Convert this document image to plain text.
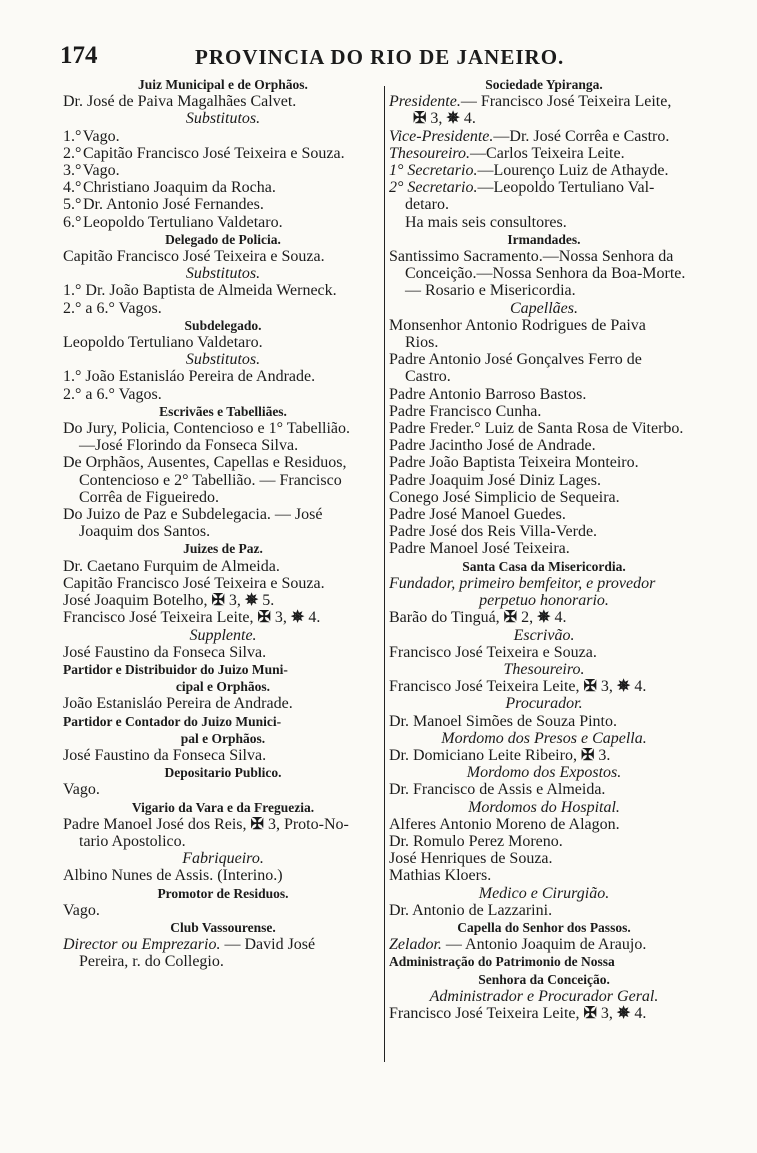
174	PROVINCIA DO RIO DE JANEIRO.
Juiz Municipal e de Orphãos.
Dr. José de Paiva Magalhães Calvet.
Substitutos.
1.° Vago.
2.° Capitão Francisco José Teixeira e Souza.
3.° Vago.
4.° Christiano Joaquim da Rocha.
5.° Dr. Antonio José Fernandes.
6.° Leopoldo Tertuliano Valdetaro.
Delegado de Policia.
Capitão Francisco José Teixeira e Souza.
Substitutos.
1.° Dr. João Baptista de Almeida Werneck.
2.° a 6.° Vagos.
Subdelegado.
Leopoldo Tertuliano Valdetaro.
Substitutos.
1.° João Estanisláo Pereira de Andrade.
2.° a 6.° Vagos.
Escrivães e Tabelliães.
Do Jury, Policia, Contencioso e 1° Tabellião.
—José Florindo da Fonseca Silva.
De Orphãos, Ausentes, Capellas e Residuos,
Contencioso e 2° Tabellião. — Francisco
Corrêa de Figueiredo.
Do Juizo de Paz e Subdelegacia. — José
Joaquim dos Santos.
Juizes de Paz.
Dr. Caetano Furquim de Almeida.
Capitão Francisco José Teixeira e Souza.
José Joaquim Botelho, ✠ 3, ✵ 5.
Francisco José Teixeira Leite, ✠ 3, ✵ 4.
Supplente.
José Faustino da Fonseca Silva.
Partidor e Distribuidor do Juizo Muni-
cipal e Orphãos.
João Estanisláo Pereira de Andrade.
Partidor e Contador do Juizo Munici-
pal e Orphãos.
José Faustino da Fonseca Silva.
Depositario Publico.
Vago.
Vigario da Vara e da Freguezia.
Padre Manoel José dos Reis, ✠ 3, Proto-No-
tario Apostolico.
Fabriqueiro.
Albino Nunes de Assis. (Interino.)
Promotor de Residuos.
Vago.
Club Vassourense.
Director ou Emprezario. — David José
Pereira, r. do Collegio.
Sociedade Ypiranga.
Presidente.— Francisco José Teixeira Leite,
✠ 3, ✵ 4.
Vice-Presidente.—Dr. José Corrêa e Castro.
Thesoureiro.—Carlos Teixeira Leite.
1° Secretario.—Lourenço Luiz de Athayde.
2° Secretario.—Leopoldo Tertuliano Val-
detaro.
Ha mais seis consultores.
Irmandades.
Santissimo Sacramento.—Nossa Senhora da
Conceição.—Nossa Senhora da Boa-Morte.
— Rosario e Misericordia.
Capellães.
Monsenhor Antonio Rodrigues de Paiva
Rios.
Padre Antonio José Gonçalves Ferro de
Castro.
Padre Antonio Barroso Bastos.
Padre Francisco Cunha.
Padre Freder.° Luiz de Santa Rosa de Viterbo.
Padre Jacintho José de Andrade.
Padre João Baptista Teixeira Monteiro.
Padre Joaquim José Diniz Lages.
Conego José Simplicio de Sequeira.
Padre José Manoel Guedes.
Padre José dos Reis Villa-Verde.
Padre Manoel José Teixeira.
Santa Casa da Misericordia.
Fundador, primeiro bemfeitor, e provedor
perpetuo honorario.
Barão do Tinguá, ✠ 2, ✵ 4.
Escrivão.
Francisco José Teixeira e Souza.
Thesoureiro.
Francisco José Teixeira Leite, ✠ 3, ✵ 4.
Procurador.
Dr. Manoel Simões de Souza Pinto.
Mordomo dos Presos e Capella.
Dr. Domiciano Leite Ribeiro, ✠ 3.
Mordomo dos Expostos.
Dr. Francisco de Assis e Almeida.
Mordomos do Hospital.
Alferes Antonio Moreno de Alagon.
Dr. Romulo Perez Moreno.
José Henriques de Souza.
Mathias Kloers.
Medico e Cirurgião.
Dr. Antonio de Lazzarini.
Capella do Senhor dos Passos.
Zelador. — Antonio Joaquim de Araujo.
Administração do Patrimonio de Nossa
Senhora da Conceição.
Administrador e Procurador Geral.
Francisco José Teixeira Leite, ✠ 3, ✵ 4.
